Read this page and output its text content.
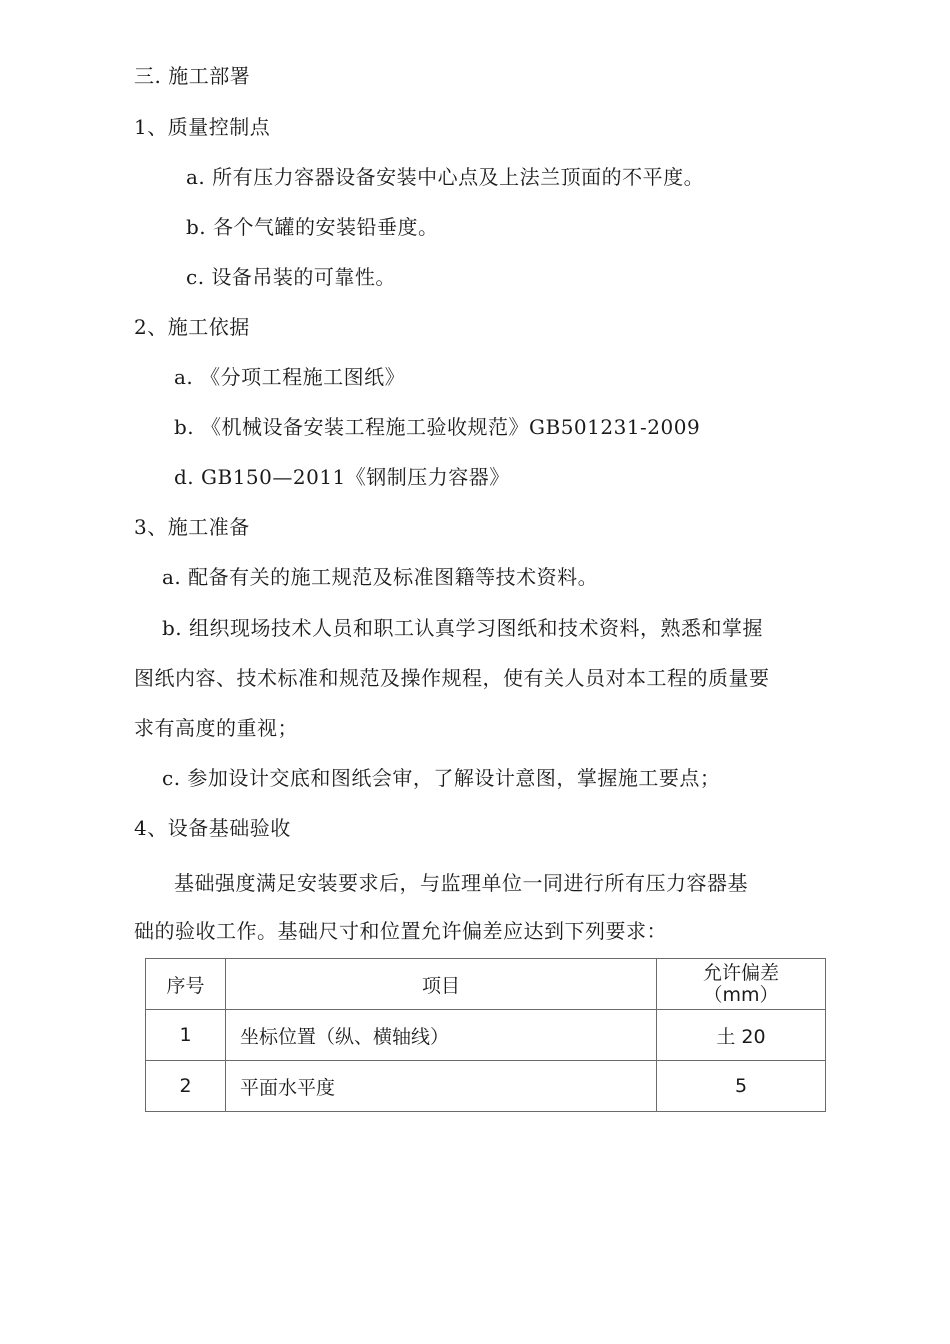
三. 施工部署
1、质量控制点
a. 所有压力容器设备安装中心点及上法兰顶面的不平度。
b. 各个气罐的安装铅垂度。
c. 设备吊装的可靠性。
2、施工依据
a. 《分项工程施工图纸》
b. 《机械设备安装工程施工验收规范》GB501231-2009
d. GB150—2011《钢制压力容器》
3、施工准备
a. 配备有关的施工规范及标准图籍等技术资料。
b. 组织现场技术人员和职工认真学习图纸和技术资料，熟悉和掌握
图纸内容、技术标准和规范及操作规程，使有关人员对本工程的质量要
求有高度的重视；
c. 参加设计交底和图纸会审，了解设计意图，掌握施工要点；
4、设备基础验收
基础强度满足安装要求后，与监理单位一同进行所有压力容器基
础的验收工作。基础尺寸和位置允许偏差应达到下列要求：
序号	项目	允许偏差
（mm）

1	坐标位置（纵、横轴线）	土 20
2	平面水平度	5
